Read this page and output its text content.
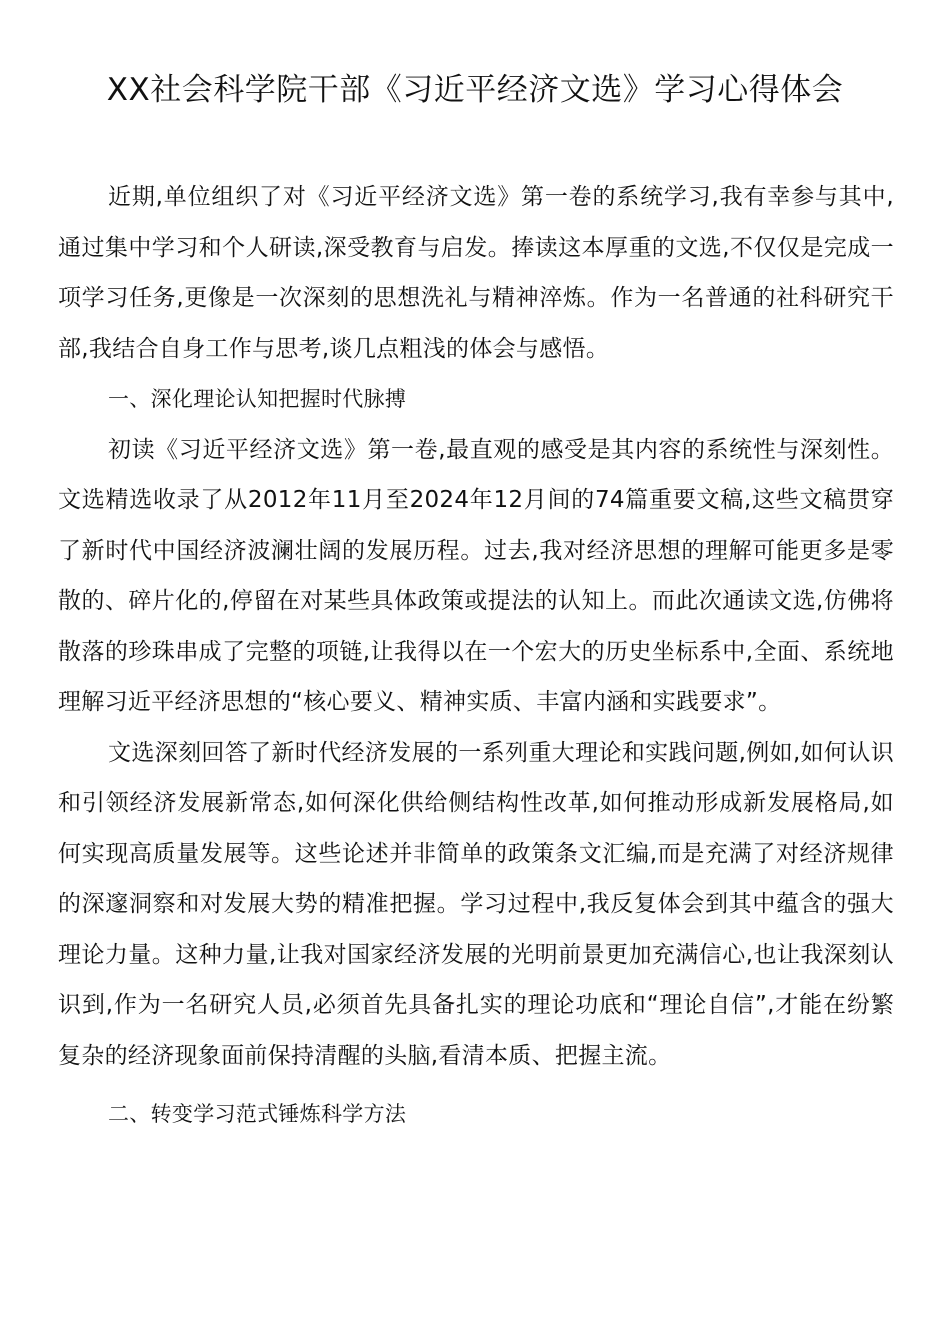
XX社会科学院干部《习近平经济文选》学习心得体会

近期,单位组织了对《习近平经济文选》第一卷的系统学习,我有幸参与其中,通过集中学习和个人研读,深受教育与启发。捧读这本厚重的文选,不仅仅是完成一项学习任务,更像是一次深刻的思想洗礼与精神淬炼。作为一名普通的社科研究干部,我结合自身工作与思考,谈几点粗浅的体会与感悟。

一、深化理论认知把握时代脉搏

初读《习近平经济文选》第一卷,最直观的感受是其内容的系统性与深刻性。文选精选收录了从2012年11月至2024年12月间的74篇重要文稿,这些文稿贯穿了新时代中国经济波澜壮阔的发展历程。过去,我对经济思想的理解可能更多是零散的、碎片化的,停留在对某些具体政策或提法的认知上。而此次通读文选,仿佛将散落的珍珠串成了完整的项链,让我得以在一个宏大的历史坐标系中,全面、系统地理解习近平经济思想的“核心要义、精神实质、丰富内涵和实践要求”。

文选深刻回答了新时代经济发展的一系列重大理论和实践问题,例如,如何认识和引领经济发展新常态,如何深化供给侧结构性改革,如何推动形成新发展格局,如何实现高质量发展等。这些论述并非简单的政策条文汇编,而是充满了对经济规律的深邃洞察和对发展大势的精准把握。学习过程中,我反复体会到其中蕴含的强大理论力量。这种力量,让我对国家经济发展的光明前景更加充满信心,也让我深刻认识到,作为一名研究人员,必须首先具备扎实的理论功底和“理论自信”,才能在纷繁复杂的经济现象面前保持清醒的头脑,看清本质、把握主流。

二、转变学习范式锤炼科学方法
